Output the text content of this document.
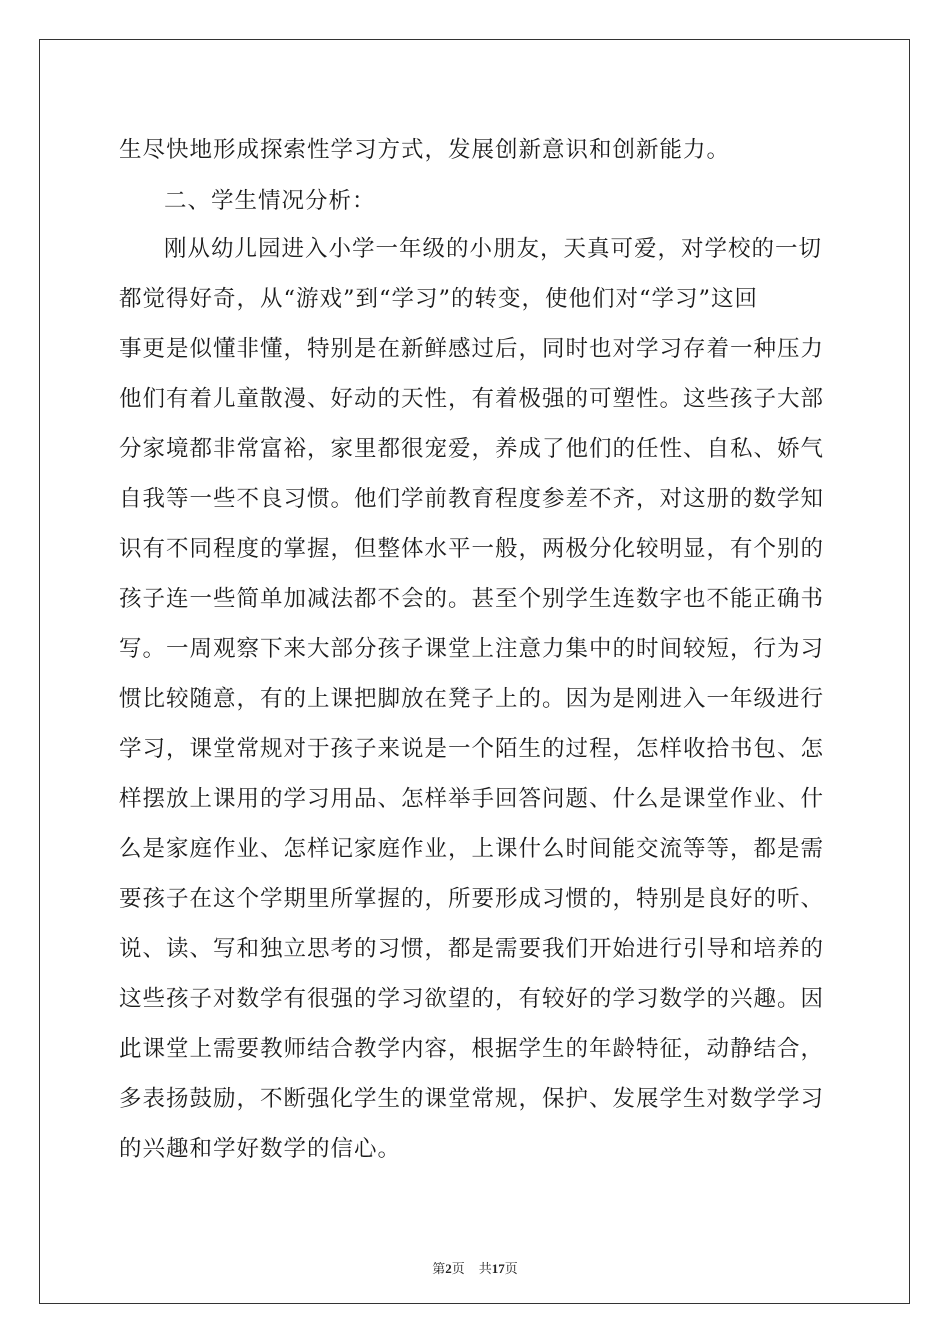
生尽快地形成探索性学习方式，发展创新意识和创新能力。
二、学生情况分析：
刚从幼儿园进入小学一年级的小朋友，天真可爱，对学校的一切
都觉得好奇，从“游戏”到“学习”的转变，使他们对“学习”这回
事更是似懂非懂，特别是在新鲜感过后，同时也对学习存着一种压力
他们有着儿童散漫、好动的天性，有着极强的可塑性。这些孩子大部
分家境都非常富裕，家里都很宠爱，养成了他们的任性、自私、娇气
自我等一些不良习惯。他们学前教育程度参差不齐，对这册的数学知
识有不同程度的掌握，但整体水平一般，两极分化较明显，有个别的
孩子连一些简单加减法都不会的。甚至个别学生连数字也不能正确书
写。一周观察下来大部分孩子课堂上注意力集中的时间较短，行为习
惯比较随意，有的上课把脚放在凳子上的。因为是刚进入一年级进行
学习，课堂常规对于孩子来说是一个陌生的过程，怎样收拾书包、怎
样摆放上课用的学习用品、怎样举手回答问题、什么是课堂作业、什
么是家庭作业、怎样记家庭作业，上课什么时间能交流等等，都是需
要孩子在这个学期里所掌握的，所要形成习惯的，特别是良好的听、
说、读、写和独立思考的习惯，都是需要我们开始进行引导和培养的
这些孩子对数学有很强的学习欲望的，有较好的学习数学的兴趣。因
此课堂上需要教师结合教学内容，根据学生的年龄特征，动静结合，
多表扬鼓励，不断强化学生的课堂常规，保护、发展学生对数学学习
的兴趣和学好数学的信心。
第2页 共17页
